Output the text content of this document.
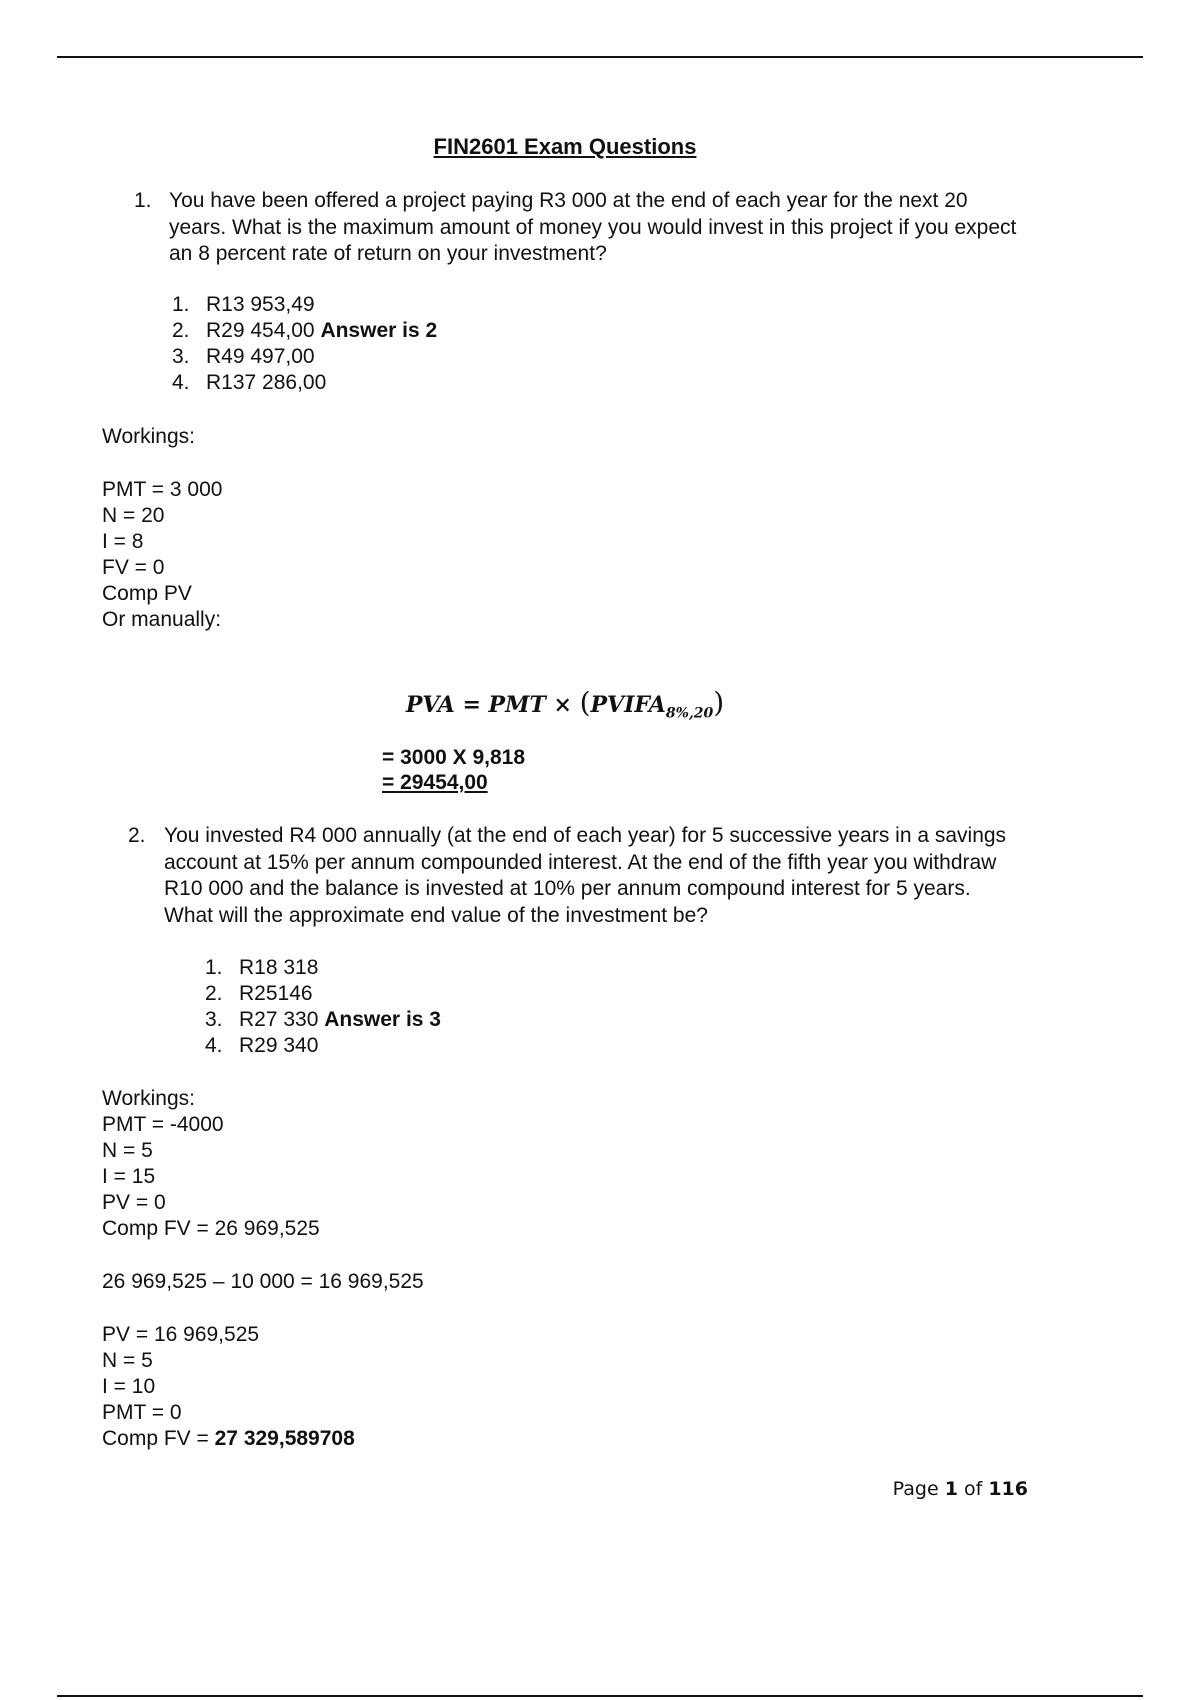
FIN2601 Exam Questions
1. You have been offered a project paying R3 000 at the end of each year for the next 20 years. What is the maximum amount of money you would invest in this project if you expect an 8 percent rate of return on your investment?
1. R13 953,49
2. R29 454,00 Answer is 2
3. R49 497,00
4. R137 286,00
Workings:
PMT = 3 000
N = 20
I = 8
FV = 0
Comp PV
Or manually:
PVA = PMT × $(PVIFA_{8\%,20})$
= 3000 X 9,818
= 29454,00
2. You invested R4 000 annually (at the end of each year) for 5 successive years in a savings account at 15% per annum compounded interest. At the end of the fifth year you withdraw R10 000 and the balance is invested at 10% per annum compound interest for 5 years. What will the approximate end value of the investment be?
1. R18 318
2. R25146
3. R27 330 Answer is 3
4. R29 340
Workings:
PMT = -4000
N = 5
I = 15
PV = 0
Comp FV = 26 969,525
26 969,525 – 10 000 = 16 969,525
PV = 16 969,525
N = 5
I = 10
PMT = 0
Comp FV = 27 329,589708
Page 1 of 116
